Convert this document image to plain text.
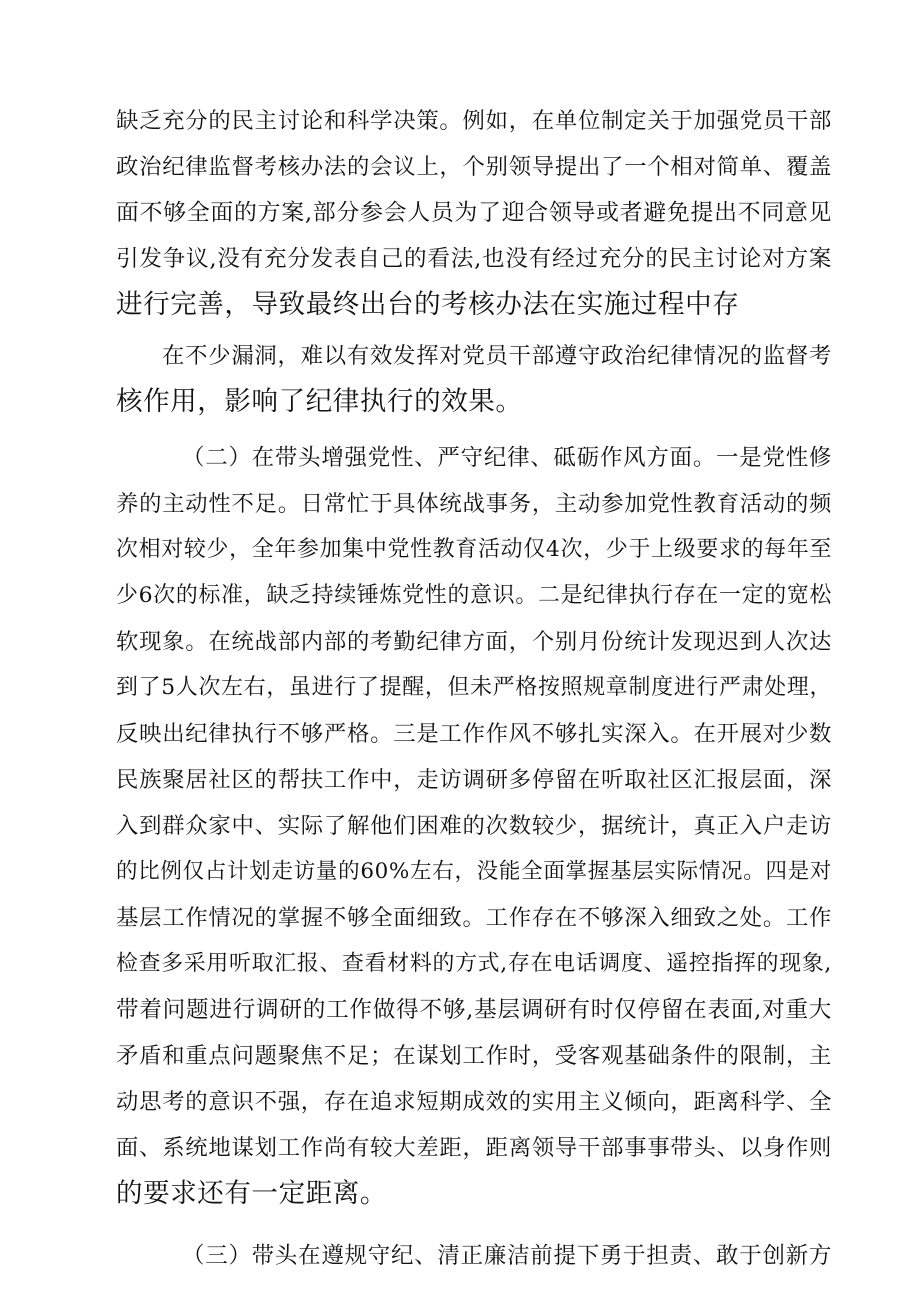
缺乏充分的民主讨论和科学决策。例如，在单位制定关于加强党员干部
政治纪律监督考核办法的会议上，个别领导提出了一个相对简单、覆盖
面不够全面的方案,部分参会人员为了迎合领导或者避免提出不同意见
引发争议,没有充分发表自己的看法,也没有经过充分的民主讨论对方案
进行完善，导致最终出台的考核办法在实施过程中存

在不少漏洞，难以有效发挥对党员干部遵守政治纪律情况的监督考
核作用，影响了纪律执行的效果。

（二）在带头增强党性、严守纪律、砥砺作风方面。一是党性修
养的主动性不足。日常忙于具体统战事务，主动参加党性教育活动的频
次相对较少，全年参加集中党性教育活动仅4次，少于上级要求的每年至
少6次的标准，缺乏持续锤炼党性的意识。二是纪律执行存在一定的宽松
软现象。在统战部内部的考勤纪律方面，个别月份统计发现迟到人次达
到了5人次左右，虽进行了提醒，但未严格按照规章制度进行严肃处理，
反映出纪律执行不够严格。三是工作作风不够扎实深入。在开展对少数
民族聚居社区的帮扶工作中，走访调研多停留在听取社区汇报层面，深
入到群众家中、实际了解他们困难的次数较少，据统计，真正入户走访
的比例仅占计划走访量的60%左右，没能全面掌握基层实际情况。四是对
基层工作情况的掌握不够全面细致。工作存在不够深入细致之处。工作
检查多采用听取汇报、查看材料的方式,存在电话调度、遥控指挥的现象,
带着问题进行调研的工作做得不够,基层调研有时仅停留在表面,对重大
矛盾和重点问题聚焦不足；在谋划工作时，受客观基础条件的限制，主
动思考的意识不强，存在追求短期成效的实用主义倾向，距离科学、全
面、系统地谋划工作尚有较大差距，距离领导干部事事带头、以身作则
的要求还有一定距离。

（三）带头在遵规守纪、清正廉洁前提下勇于担责、敢于创新方
